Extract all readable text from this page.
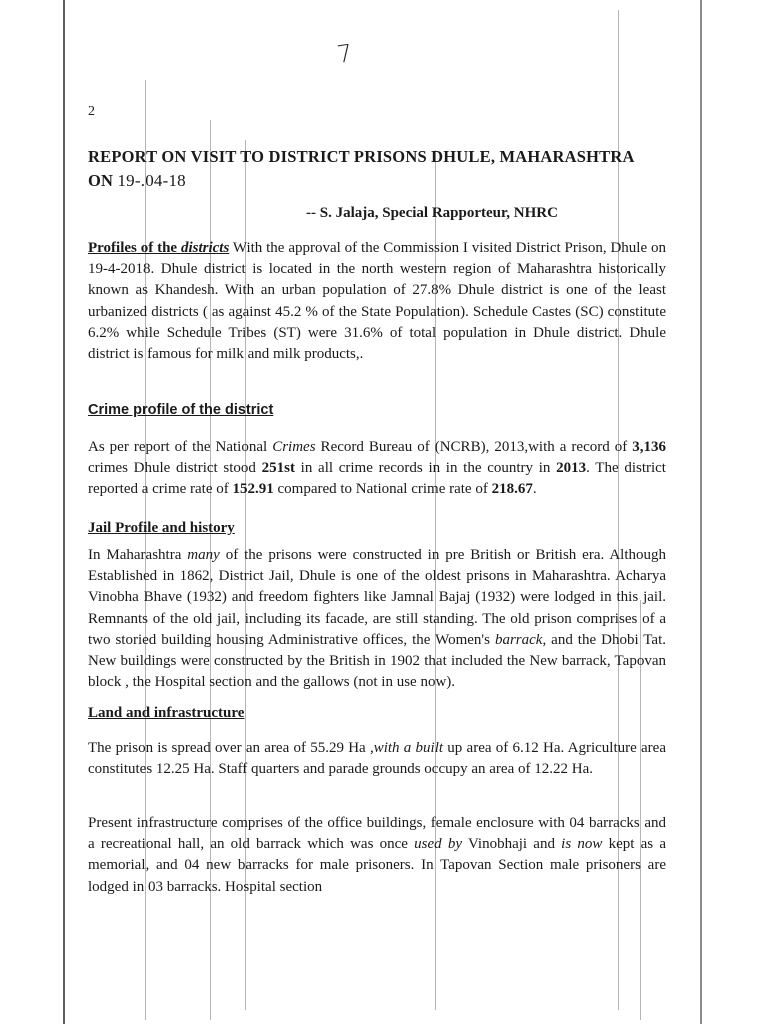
7
2
REPORT ON VISIT TO DISTRICT PRISONS DHULE, MAHARASHTRA
ON 19-.04-18
-- S. Jalaja, Special Rapporteur, NHRC
Profiles of the districts With the approval of the Commission I visited District Prison, Dhule on 19-4-2018. Dhule district is located in the north western region of Maharashtra historically known as Khandesh. With an urban population of 27.8% Dhule district is one of the least urbanized districts ( as against 45.2 % of the State Population). Schedule Castes (SC) constitute 6.2% while Schedule Tribes (ST) were 31.6% of total population in Dhule district. Dhule district is famous for milk and milk products,.
Crime profile of the district
As per report of the National Crimes Record Bureau of (NCRB), 2013,with a record of 3,136 crimes Dhule district stood 251st in all crime records in in the country in 2013. The district reported a crime rate of 152.91 compared to National crime rate of 218.67.
Jail Profile and history
In Maharashtra many of the prisons were constructed in pre British or British era. Although Established in 1862, District Jail, Dhule is one of the oldest prisons in Maharashtra. Acharya Vinobha Bhave (1932) and freedom fighters like Jamnal Bajaj (1932) were lodged in this jail. Remnants of the old jail, including its facade, are still standing. The old prison comprises of a two storied building housing Administrative offices, the Women's barrack, and the Dhobi Tat. New buildings were constructed by the British in 1902 that included the New barrack, Tapovan block , the Hospital section and the gallows (not in use now).
Land and infrastructure
The prison is spread over an area of 55.29 Ha ,with a built up area of 6.12 Ha. Agriculture area constitutes 12.25 Ha. Staff quarters and parade grounds occupy an area of 12.22 Ha.
Present infrastructure comprises of the office buildings, female enclosure with 04 barracks and a recreational hall, an old barrack which was once used by Vinobhaji and is now kept as a memorial, and 04 new barracks for male prisoners. In Tapovan Section male prisoners are lodged in 03 barracks. Hospital section
